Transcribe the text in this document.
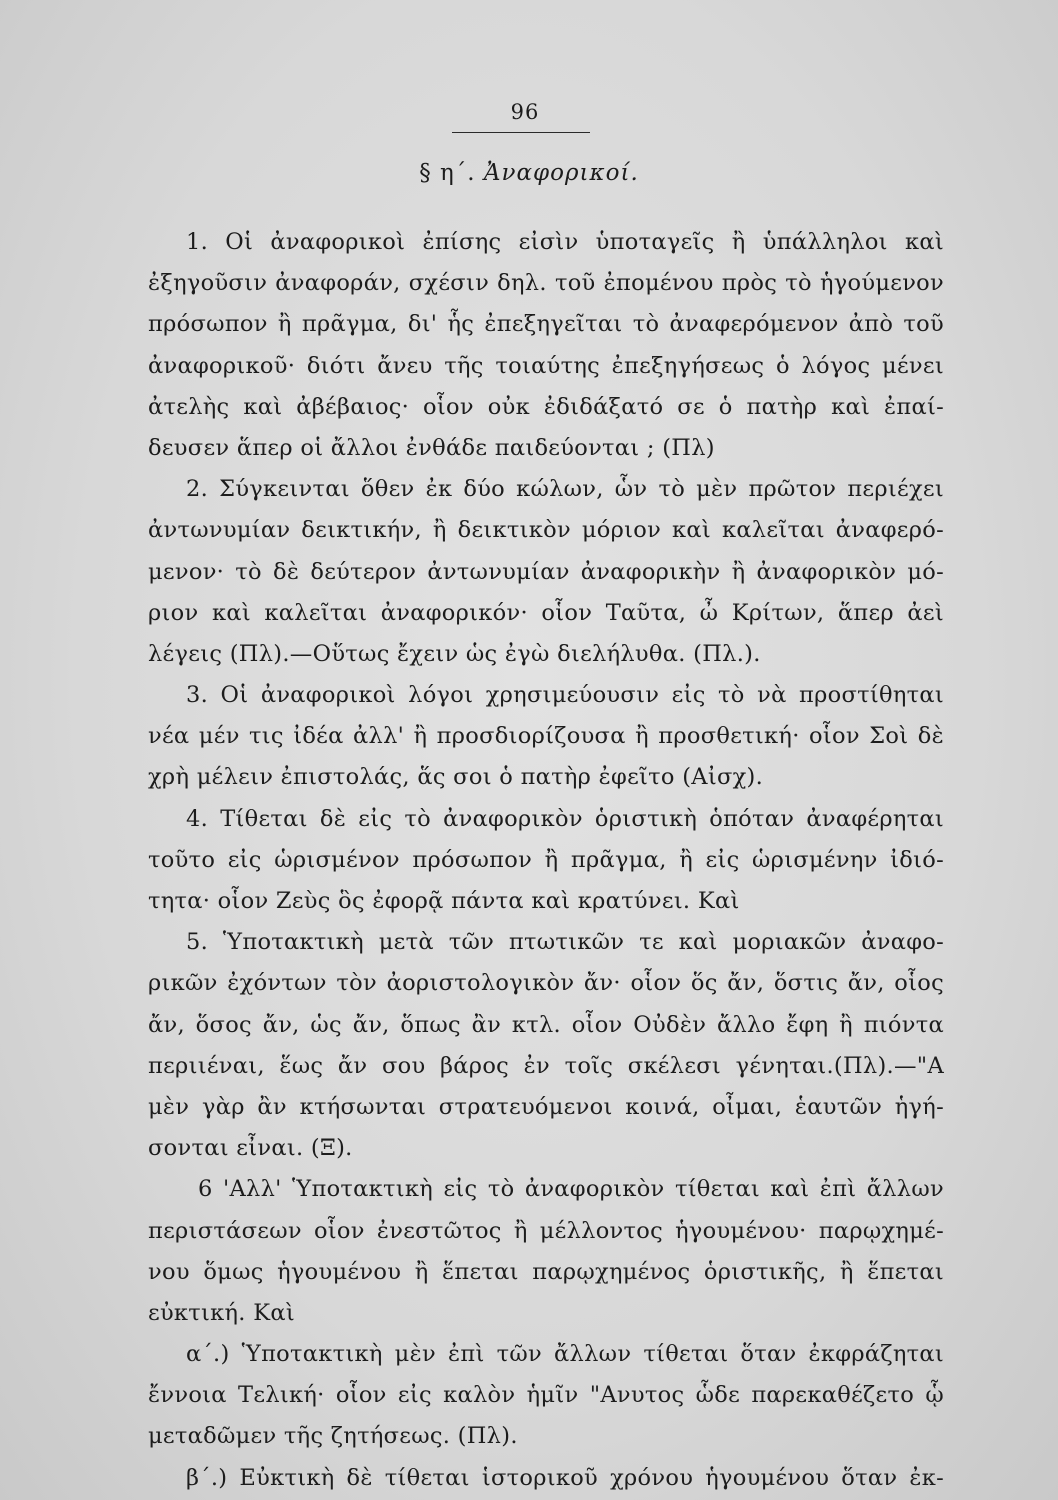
96
§ η΄. Ἀναφορικοί.
1. Οἱ ἀναφορικοὶ ἐπίσης εἰσὶν ὑποταγεῖς ἢ ὑπάλληλοι καὶ
ἐξηγοῦσιν ἀναφοράν, σχέσιν δηλ. τοῦ ἐπομένου πρὸς τὸ ἡγούμενον
πρόσωπον ἢ πρᾶγμα, δι' ἧς ἐπεξηγεῖται τὸ ἀναφερόμενον ἀπὸ τοῦ
ἀναφορικοῦ· διότι ἄνευ τῆς τοιαύτης ἐπεξηγήσεως ὁ λόγος μένει
ἀτελὴς καὶ ἀβέβαιος· οἷον οὐκ ἐδιδάξατό σε ὁ πατὴρ καὶ ἐπαί-
δευσεν ἅπερ οἱ ἄλλοι ἐνθάδε παιδεύονται ; (Πλ)
2. Σύγκεινται ὅθεν ἐκ δύο κώλων, ὧν τὸ μὲν πρῶτον περιέχει
ἀντωνυμίαν δεικτικήν, ἢ δεικτικὸν μόριον καὶ καλεῖται ἀναφερό-
μενον· τὸ δὲ δεύτερον ἀντωνυμίαν ἀναφορικὴν ἢ ἀναφορικὸν μό-
ριον καὶ καλεῖται ἀναφορικόν· οἷον Ταῦτα, ὦ Κρίτων, ἅπερ ἀεὶ
λέγεις (Πλ).—Οὕτως ἔχειν ὡς ἐγὼ διελήλυθα. (Πλ.).
3. Οἱ ἀναφορικοὶ λόγοι χρησιμεύουσιν εἰς τὸ νὰ προστίθηται
νέα μέν τις ἰδέα ἀλλ' ἢ προσδιορίζουσα ἢ προσθετική· οἷον Σοὶ δὲ
χρὴ μέλειν ἐπιστολάς, ἅς σοι ὁ πατὴρ ἐφεῖτο (Αἰσχ).
4. Τίθεται δὲ εἰς τὸ ἀναφορικὸν ὁριστικὴ ὁπόταν ἀναφέρηται
τοῦτο εἰς ὡρισμένον πρόσωπον ἢ πρᾶγμα, ἢ εἰς ὡρισμένην ἰδιό-
τητα· οἷον Ζεὺς ὃς ἐφορᾷ πάντα καὶ κρατύνει. Καὶ
5. Ὑποτακτικὴ μετὰ τῶν πτωτικῶν τε καὶ μοριακῶν ἀναφο-
ρικῶν ἐχόντων τὸν ἀοριστολογικὸν ἄν· οἷον ὅς ἄν, ὅστις ἄν, οἷος
ἄν, ὅσος ἄν, ὡς ἄν, ὅπως ἂν κτλ. οἷον Οὐδὲν ἄλλο ἔφη ἢ πιόντα
περιιέναι, ἕως ἄν σου βάρος ἐν τοῖς σκέλεσι γένηται.(Πλ).—"Α
μὲν γὰρ ἂν κτήσωνται στρατευόμενοι κοινά, οἶμαι, ἑαυτῶν ἡγή-
σονται εἶναι. (Ξ).
6 'Αλλ' Ὑποτακτικὴ εἰς τὸ ἀναφορικὸν τίθεται καὶ ἐπὶ ἄλλων
περιστάσεων οἷον ἐνεστῶτος ἢ μέλλοντος ἡγουμένου· παρῳχημέ-
νου ὅμως ἡγουμένου ἢ ἕπεται παρῳχημένος ὁριστικῆς, ἢ ἕπεται
εὐκτική. Καὶ
α΄.) Ὑποτακτικὴ μὲν ἐπὶ τῶν ἄλλων τίθεται ὅταν ἐκφράζηται
ἔννοια Τελική· οἷον εἰς καλὸν ἡμῖν "Ανυτος ὧδε παρεκαθέζετο ᾧ
μεταδῶμεν τῆς ζητήσεως. (Πλ).
β΄.) Εὐκτικὴ δὲ τίθεται ἱστορικοῦ χρόνου ἡγουμένου ὅταν ἐκ-
